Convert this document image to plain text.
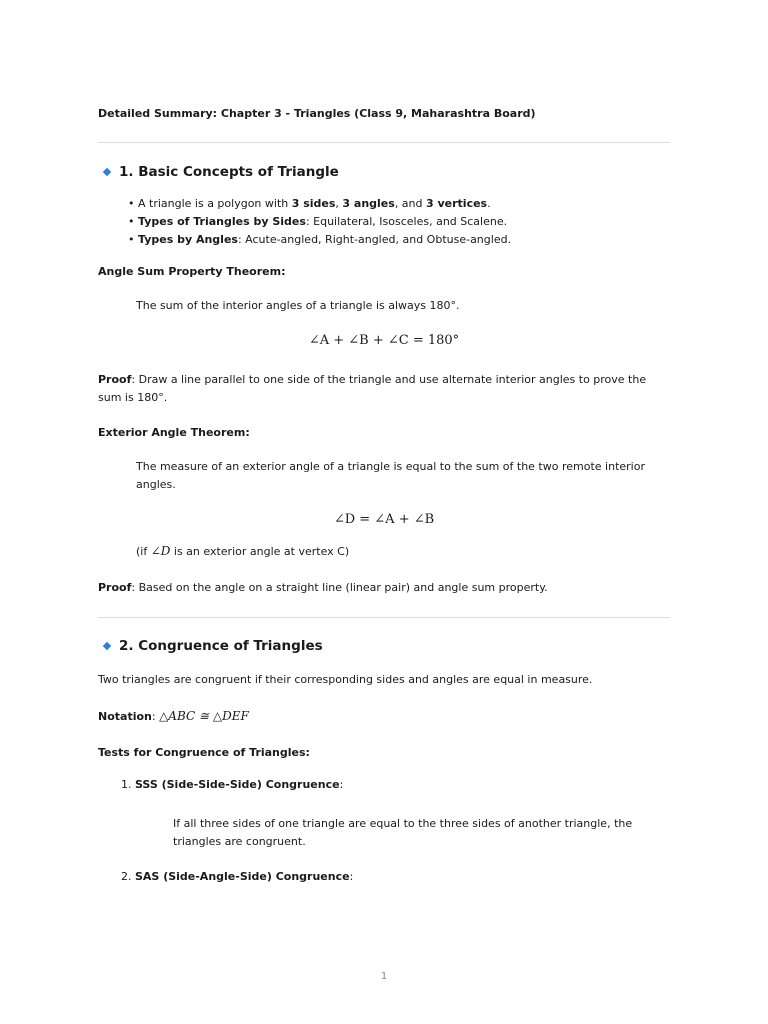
Detailed Summary: Chapter 3 - Triangles (Class 9, Maharashtra Board)
1. Basic Concepts of Triangle
• A triangle is a polygon with 3 sides, 3 angles, and 3 vertices.
• Types of Triangles by Sides: Equilateral, Isosceles, and Scalene.
• Types by Angles: Acute-angled, Right-angled, and Obtuse-angled.
Angle Sum Property Theorem:
The sum of the interior angles of a triangle is always 180°.
∠A + ∠B + ∠C = 180°
Proof: Draw a line parallel to one side of the triangle and use alternate interior angles to prove the sum is 180°.
Exterior Angle Theorem:
The measure of an exterior angle of a triangle is equal to the sum of the two remote interior angles.
∠D = ∠A + ∠B
(if ∠D is an exterior angle at vertex C)
Proof: Based on the angle on a straight line (linear pair) and angle sum property.
2. Congruence of Triangles
Two triangles are congruent if their corresponding sides and angles are equal in measure.
Notation: △ABC ≅ △DEF
Tests for Congruence of Triangles:
1. SSS (Side-Side-Side) Congruence:
If all three sides of one triangle are equal to the three sides of another triangle, the triangles are congruent.
2. SAS (Side-Angle-Side) Congruence:
1
